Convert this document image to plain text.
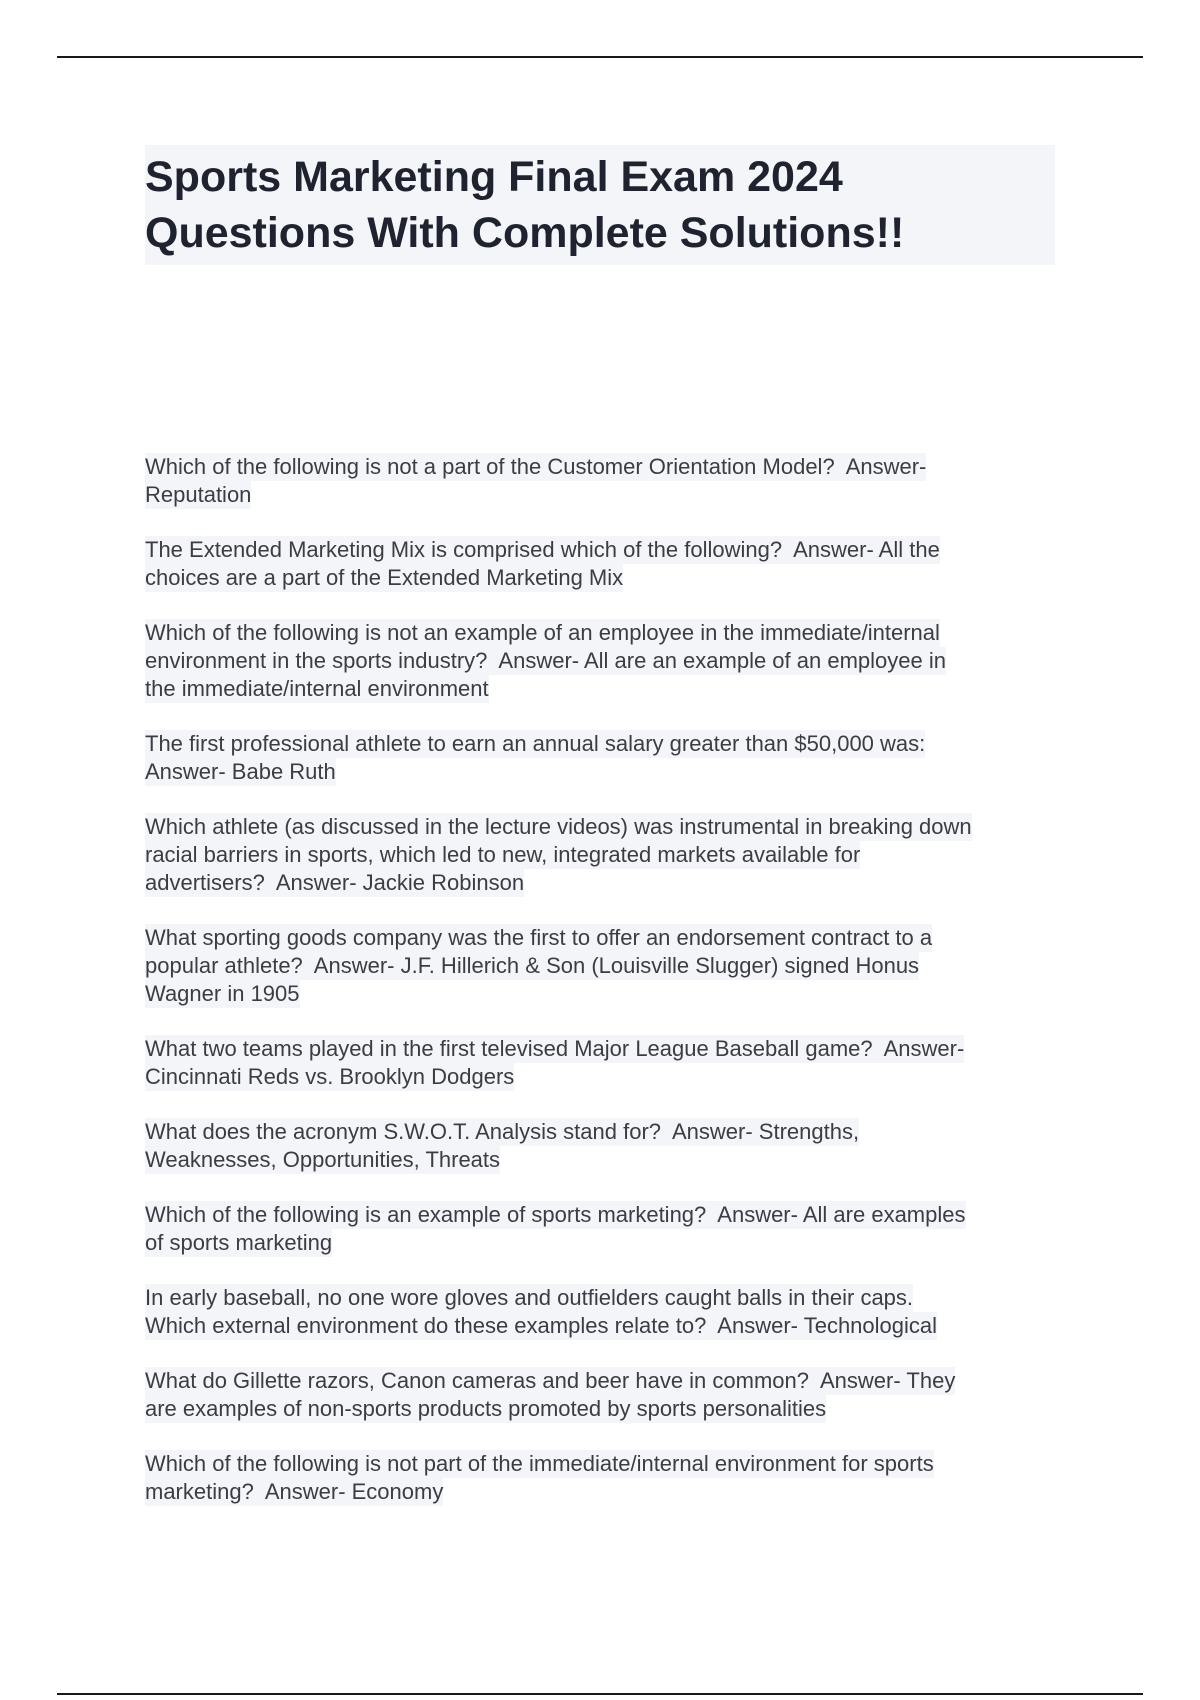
Sports Marketing Final Exam 2024
Questions With Complete Solutions!!
Which of the following is not a part of the Customer Orientation Model?  Answer-
Reputation
The Extended Marketing Mix is comprised which of the following?  Answer- All the
choices are a part of the Extended Marketing Mix
Which of the following is not an example of an employee in the immediate/internal
environment in the sports industry?  Answer- All are an example of an employee in
the immediate/internal environment
The first professional athlete to earn an annual salary greater than $50,000 was:
Answer- Babe Ruth
Which athlete (as discussed in the lecture videos) was instrumental in breaking down
racial barriers in sports, which led to new, integrated markets available for
advertisers?  Answer- Jackie Robinson
What sporting goods company was the first to offer an endorsement contract to a
popular athlete?  Answer- J.F. Hillerich & Son (Louisville Slugger) signed Honus
Wagner in 1905
What two teams played in the first televised Major League Baseball game?  Answer-
Cincinnati Reds vs. Brooklyn Dodgers
What does the acronym S.W.O.T. Analysis stand for?  Answer- Strengths,
Weaknesses, Opportunities, Threats
Which of the following is an example of sports marketing?  Answer- All are examples
of sports marketing
In early baseball, no one wore gloves and outfielders caught balls in their caps.
Which external environment do these examples relate to?  Answer- Technological
What do Gillette razors, Canon cameras and beer have in common?  Answer- They
are examples of non-sports products promoted by sports personalities
Which of the following is not part of the immediate/internal environment for sports
marketing?  Answer- Economy
